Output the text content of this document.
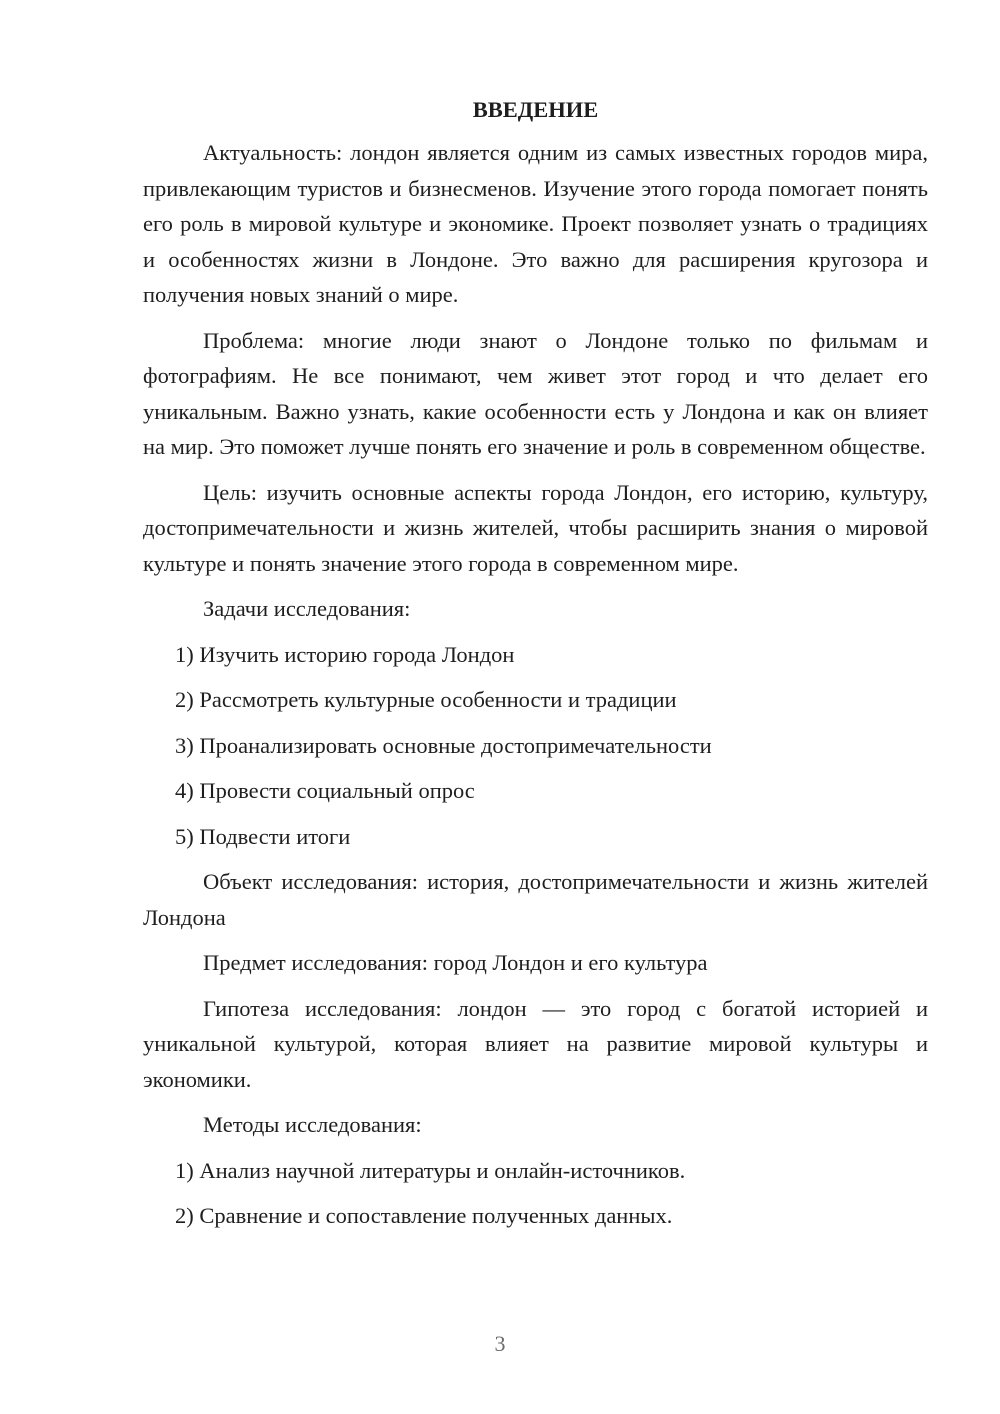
ВВЕДЕНИЕ

Актуальность: лондон является одним из самых известных городов мира, привлекающим туристов и бизнесменов. Изучение этого города помогает понять его роль в мировой культуре и экономике. Проект позволяет узнать о традициях и особенностях жизни в Лондоне. Это важно для расширения кругозора и получения новых знаний о мире.

Проблема: многие люди знают о Лондоне только по фильмам и фотографиям. Не все понимают, чем живет этот город и что делает его уникальным. Важно узнать, какие особенности есть у Лондона и как он влияет на мир. Это поможет лучше понять его значение и роль в современном обществе.

Цель: изучить основные аспекты города Лондон, его историю, культуру, достопримечательности и жизнь жителей, чтобы расширить знания о мировой культуре и понять значение этого города в современном мире.

Задачи исследования:

1) Изучить историю города Лондон
2) Рассмотреть культурные особенности и традиции
3) Проанализировать основные достопримечательности
4) Провести социальный опрос
5) Подвести итоги

Объект исследования: история, достопримечательности и жизнь жителей Лондона

Предмет исследования: город Лондон и его культура

Гипотеза исследования: лондон — это город с богатой историей и уникальной культурой, которая влияет на развитие мировой культуры и экономики.

Методы исследования:

1) Анализ научной литературы и онлайн-источников.
2) Сравнение и сопоставление полученных данных.
3
